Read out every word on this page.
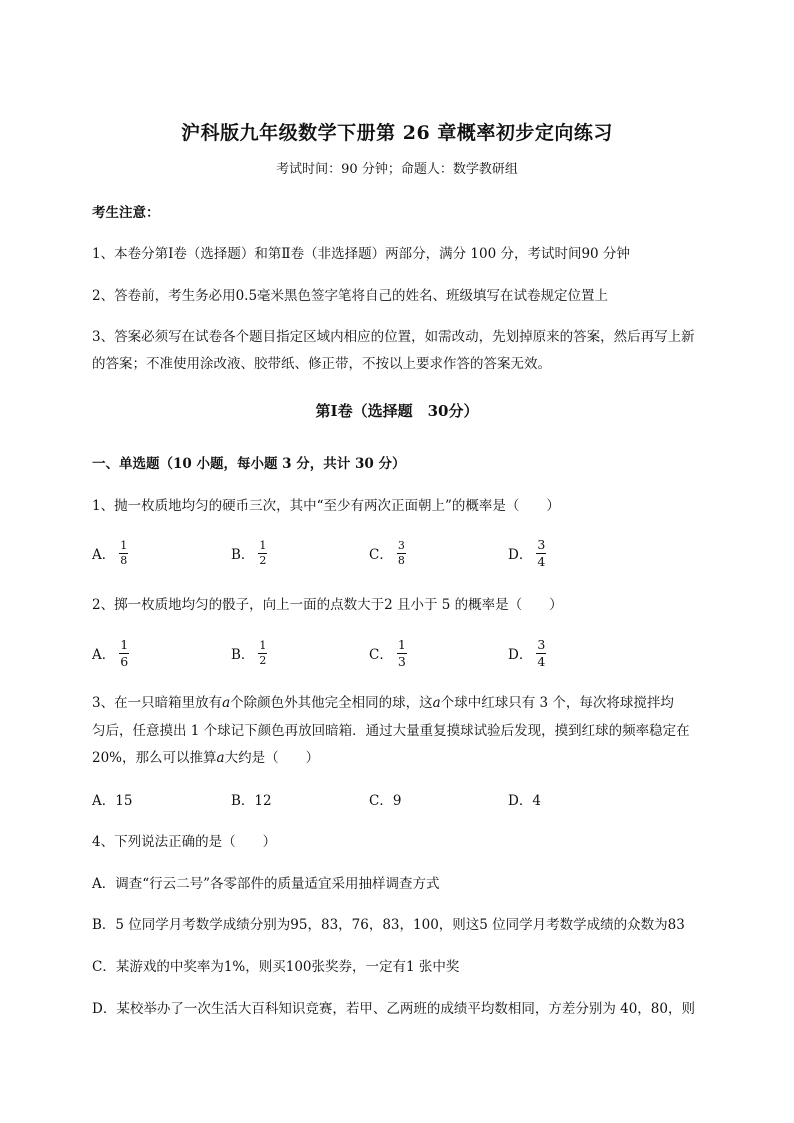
沪科版九年级数学下册第 26 章概率初步定向练习
考试时间：90 分钟；命题人：数学教研组
考生注意：
1、本卷分第Ⅰ卷（选择题）和第Ⅱ卷（非选择题）两部分，满分 100 分，考试时间90 分钟
2、答卷前，考生务必用0.5毫米黑色签字笔将自己的姓名、班级填写在试卷规定位置上
3、答案必须写在试卷各个题目指定区域内相应的位置，如需改动，先划掉原来的答案，然后再写上新
的答案；不准使用涂改液、胶带纸、修正带，不按以上要求作答的答案无效。
第Ⅰ卷（选择题　30分）
一、单选题（10 小题，每小题 3 分，共计 30 分）
1、抛一枚质地均匀的硬币三次，其中“至少有两次正面朝上”的概率是（　　）
A． $\frac{1}{8}$	B． $\frac{1}{2}$	C． $\frac{3}{8}$	D． $\frac{3}{4}$
2、掷一枚质地均匀的骰子，向上一面的点数大于2 且小于 5 的概率是（　　）
A． $\frac{1}{6}$	B． $\frac{1}{2}$	C． $\frac{1}{3}$	D． $\frac{3}{4}$
3、在一只暗箱里放有a个除颜色外其他完全相同的球，这a个球中红球只有 3 个，每次将球搅拌均
匀后，任意摸出 1 个球记下颜色再放回暗箱．通过大量重复摸球试验后发现，摸到红球的频率稳定在
20%，那么可以推算a大约是（　　）
A．15	B．12	C．9	D．4
4、下列说法正确的是（　　）
A．调查“行云二号”各零部件的质量适宜采用抽样调查方式
B．5 位同学月考数学成绩分别为95，83，76，83，100，则这5 位同学月考数学成绩的众数为83
C．某游戏的中奖率为1%，则买100张奖券，一定有1 张中奖
D．某校举办了一次生活大百科知识竞赛，若甲、乙两班的成绩平均数相同，方差分别为 40，80，则
